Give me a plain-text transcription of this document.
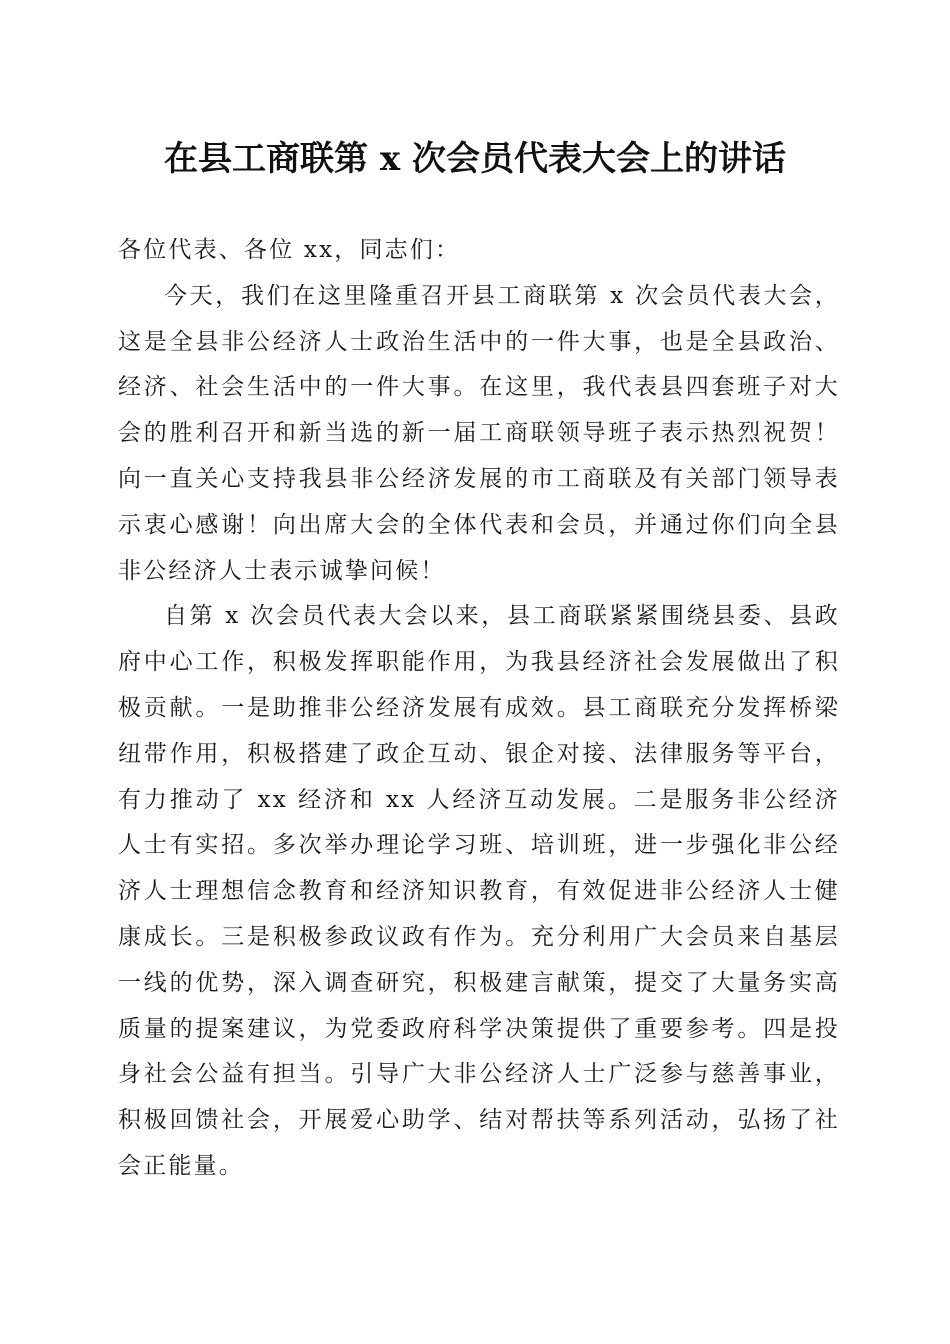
在县工商联第 x 次会员代表大会上的讲话

各位代表、各位 xx，同志们：

今天，我们在这里隆重召开县工商联第 x 次会员代表大会，这是全县非公经济人士政治生活中的一件大事，也是全县政治、经济、社会生活中的一件大事。在这里，我代表县四套班子对大会的胜利召开和新当选的新一届工商联领导班子表示热烈祝贺！向一直关心支持我县非公经济发展的市工商联及有关部门领导表示衷心感谢！向出席大会的全体代表和会员，并通过你们向全县非公经济人士表示诚挚问候！

自第 x 次会员代表大会以来，县工商联紧紧围绕县委、县政府中心工作，积极发挥职能作用，为我县经济社会发展做出了积极贡献。一是助推非公经济发展有成效。县工商联充分发挥桥梁纽带作用，积极搭建了政企互动、银企对接、法律服务等平台，有力推动了 xx 经济和 xx 人经济互动发展。二是服务非公经济人士有实招。多次举办理论学习班、培训班，进一步强化非公经济人士理想信念教育和经济知识教育，有效促进非公经济人士健康成长。三是积极参政议政有作为。充分利用广大会员来自基层一线的优势，深入调查研究，积极建言献策，提交了大量务实高质量的提案建议，为党委政府科学决策提供了重要参考。四是投身社会公益有担当。引导广大非公经济人士广泛参与慈善事业，积极回馈社会，开展爱心助学、结对帮扶等系列活动，弘扬了社会正能量。
